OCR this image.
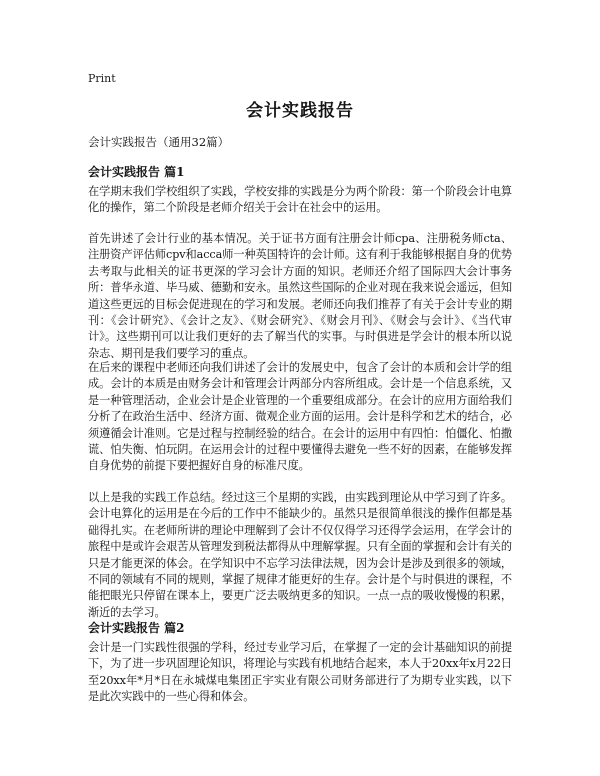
Print
会计实践报告
会计实践报告（通用32篇）
会计实践报告 篇1

在学期末我们学校组织了实践，学校安排的实践是分为两个阶段：第一个阶段会计电算化的操作，第二个阶段是老师介绍关于会计在社会中的运用。

首先讲述了会计行业的基本情况。关于证书方面有注册会计师cpa、注册税务师cta、注册资产评估师cpv和acca师一种英国特许的会计师。这有利于我能够根据自身的优势去考取与此相关的证书更深的学习会计方面的知识。老师还介绍了国际四大会计事务所：普华永道、毕马威、德勤和安永。虽然这些国际的企业对现在我来说会遥远，但知道这些更远的目标会促进现在的学习和发展。老师还向我们推荐了有关于会计专业的期刊：《会计研究》、《会计之友》、《财会研究》、《财会月刊》、《财会与会计》、《当代审计》。这些期刊可以让我们更好的去了解当代的实事。与时俱进是学会计的根本所以说杂志、期刊是我们要学习的重点。

在后来的课程中老师还向我们讲述了会计的发展史中，包含了会计的本质和会计学的组成。会计的本质是由财务会计和管理会计两部分内容所组成。会计是一个信息系统，又是一种管理活动，企业会计是企业管理的一个重要组成部分。在会计的应用方面给我们分析了在政治生活中、经济方面、微观企业方面的运用。会计是科学和艺术的结合，必须遵循会计准则。它是过程与控制经验的结合。在会计的运用中有四怕：怕僵化、怕撒谎、怕失衡、怕玩阴。在运用会计的过程中要懂得去避免一些不好的因素，在能够发挥自身优势的前提下要把握好自身的标准尺度。

以上是我的实践工作总结。经过这三个星期的实践，由实践到理论从中学习到了许多。会计电算化的运用是在今后的工作中不能缺少的。虽然只是很简单很浅的操作但都是基础得扎实。在老师所讲的理论中理解到了会计不仅仅得学习还得学会运用，在学会计的旅程中是或许会艰苦从管理发到税法都得从中理解掌握。只有全面的掌握和会计有关的只是才能更深的体会。在学知识中不忘学习法律法规，因为会计是涉及到很多的领域，不同的领域有不同的规则，掌握了规律才能更好的生存。会计是个与时俱进的课程，不能把眼光只停留在课本上，要更广泛去吸纳更多的知识。一点一点的吸收慢慢的积累，渐近的去学习。

会计实践报告 篇2

会计是一门实践性很强的学科，经过专业学习后，在掌握了一定的会计基础知识的前提下，为了进一步巩固理论知识，将理论与实践有机地结合起来，本人于20xx年x月22日至20xx年*月*日在永城煤电集团正宇实业有限公司财务部进行了为期专业实践，以下是此次实践中的一些心得和体会。
